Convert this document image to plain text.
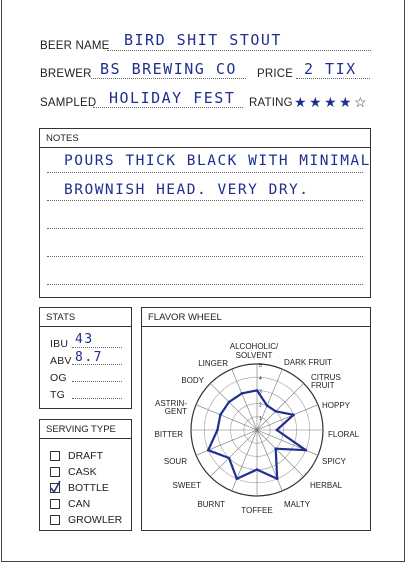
BEER NAME BIRD SHIT STOUT
BREWER BS BREWING CO PRICE 2 TIX
SAMPLED HOLIDAY FEST RATING ★ ★ ★ ★ ☆
NOTES
POURS THICK BLACK WITH MINIMAL
BROWNISH HEAD. VERY DRY.
STATS
IBU 43
ABV 8.7
OG
TG
SERVING TYPE
DRAFT
CASK
BOTTLE
CAN
GROWLER
FLAVOR WHEEL
5
4
3
2
1
ALCOHOLIC/
SOLVENT
DARK FRUIT
CITRUS
FRUIT
HOPPY
FLORAL
SPICY
HERBAL
MALTY
TOFFEE
BURNT
SWEET
SOUR
BITTER
ASTRIN-
GENT
BODY
LINGER
